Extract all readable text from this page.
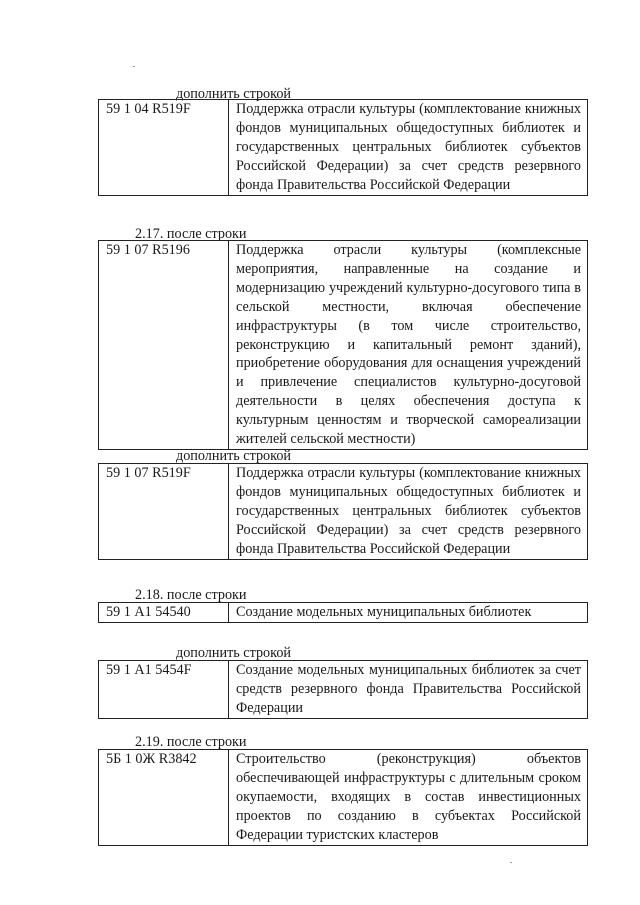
дополнить строкой

59 1 04 R519F	Поддержка отрасли культуры (комплектование книжных фондов муниципальных общедоступных библиотек и государственных центральных библиотек субъектов Российской Федерации) за счет средств резервного фонда Правительства Российской Федерации

2.17. после строки

59 1 07 R5196	Поддержка отрасли культуры (комплексные мероприятия, направленные на создание и модернизацию учреждений культурно-досугового типа в сельской местности, включая обеспечение инфраструктуры (в том числе строительство, реконструкцию и капитальный ремонт зданий), приобретение оборудования для оснащения учреждений и привлечение специалистов культурно-досуговой деятельности в целях обеспечения доступа к культурным ценностям и творческой самореализации жителей сельской местности)

дополнить строкой

59 1 07 R519F	Поддержка отрасли культуры (комплектование книжных фондов муниципальных общедоступных библиотек и государственных центральных библиотек субъектов Российской Федерации) за счет средств резервного фонда Правительства Российской Федерации

2.18. после строки

59 1 А1 54540	Создание модельных муниципальных библиотек

дополнить строкой

59 1 А1 5454F	Создание модельных муниципальных библиотек за счет средств резервного фонда Правительства Российской Федерации

2.19. после строки

5Б 1 0Ж R3842	Строительство (реконструкция) объектов обеспечивающей инфраструктуры с длительным сроком окупаемости, входящих в состав инвестиционных проектов по созданию в субъектах Российской Федерации туристских кластеров
